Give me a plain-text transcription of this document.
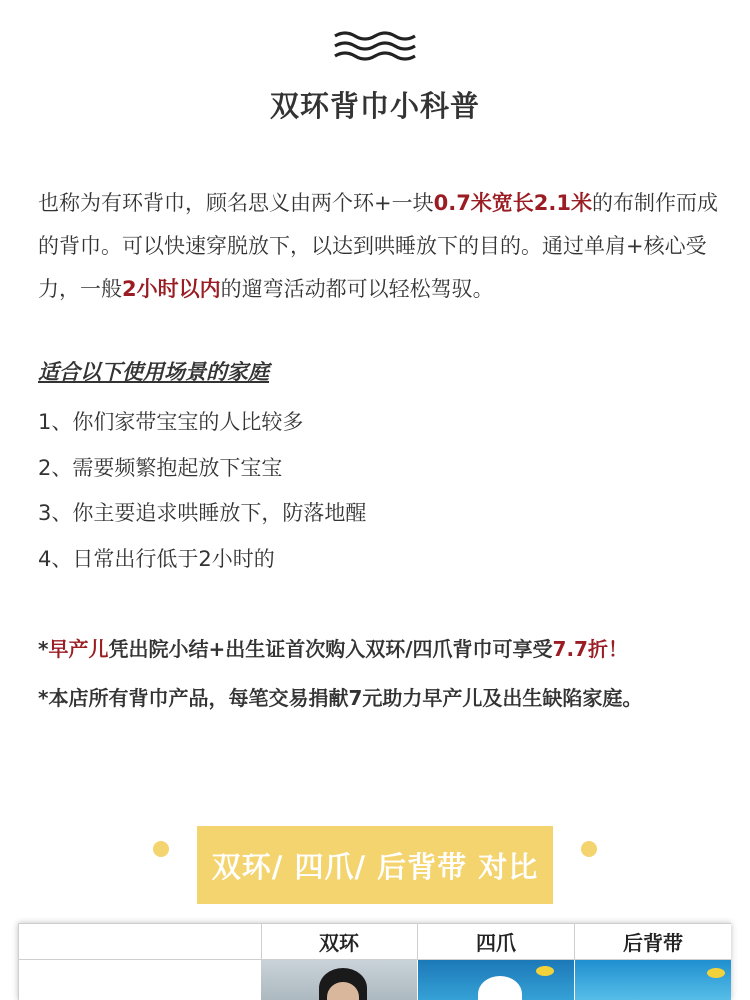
双环背巾小科普
也称为有环背巾，顾名思义由两个环+一块0.7米宽长2.1米的布制作而成的背巾。可以快速穿脱放下，以达到哄睡放下的目的。通过单肩+核心受力，一般2小时以内的遛弯活动都可以轻松驾驭。
适合以下使用场景的家庭
1、你们家带宝宝的人比较多
2、需要频繁抱起放下宝宝
3、你主要追求哄睡放下，防落地醒
4、日常出行低于2小时的
*早产儿凭出院小结+出生证首次购入双环/四爪背巾可享受7.7折！
*本店所有背巾产品，每笔交易捐献7元助力早产儿及出生缺陷家庭。
双环/ 四爪/ 后背带 对比
双环	四爪	后背带
